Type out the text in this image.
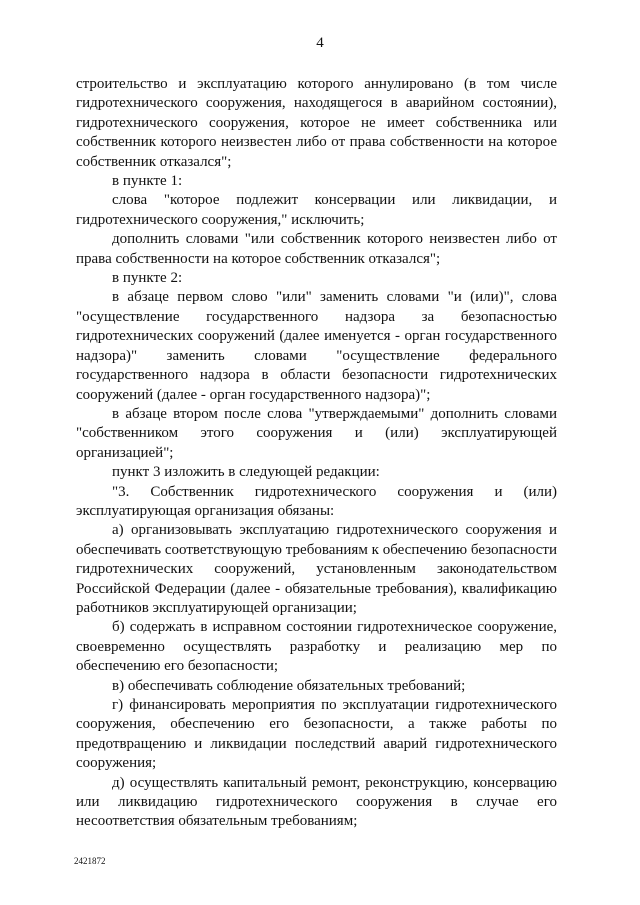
4

строительство и эксплуатацию которого аннулировано (в том числе гидротехнического сооружения, находящегося в аварийном состоянии), гидротехнического сооружения, которое не имеет собственника или собственник которого неизвестен либо от права собственности на которое собственник отказался";

в пункте 1:

слова "которое подлежит консервации или ликвидации, и гидротехнического сооружения," исключить;

дополнить словами "или собственник которого неизвестен либо от права собственности на которое собственник отказался";

в пункте 2:

в абзаце первом слово "или" заменить словами "и (или)", слова "осуществление государственного надзора за безопасностью гидротехнических сооружений (далее именуется - орган государственного надзора)" заменить словами "осуществление федерального государственного надзора в области безопасности гидротехнических сооружений (далее - орган государственного надзора)";

в абзаце втором после слова "утверждаемыми" дополнить словами "собственником этого сооружения и (или) эксплуатирующей организацией";

пункт 3 изложить в следующей редакции:

"3. Собственник гидротехнического сооружения и (или) эксплуатирующая организация обязаны:

а) организовывать эксплуатацию гидротехнического сооружения и обеспечивать соответствующую требованиям к обеспечению безопасности гидротехнических сооружений, установленным законодательством Российской Федерации (далее - обязательные требования), квалификацию работников эксплуатирующей организации;

б) содержать в исправном состоянии гидротехническое сооружение, своевременно осуществлять разработку и реализацию мер по обеспечению его безопасности;

в) обеспечивать соблюдение обязательных требований;

г) финансировать мероприятия по эксплуатации гидротехнического сооружения, обеспечению его безопасности, а также работы по предотвращению и ликвидации последствий аварий гидротехнического сооружения;

д) осуществлять капитальный ремонт, реконструкцию, консервацию или ликвидацию гидротехнического сооружения в случае его несоответствия обязательным требованиям;

2421872
